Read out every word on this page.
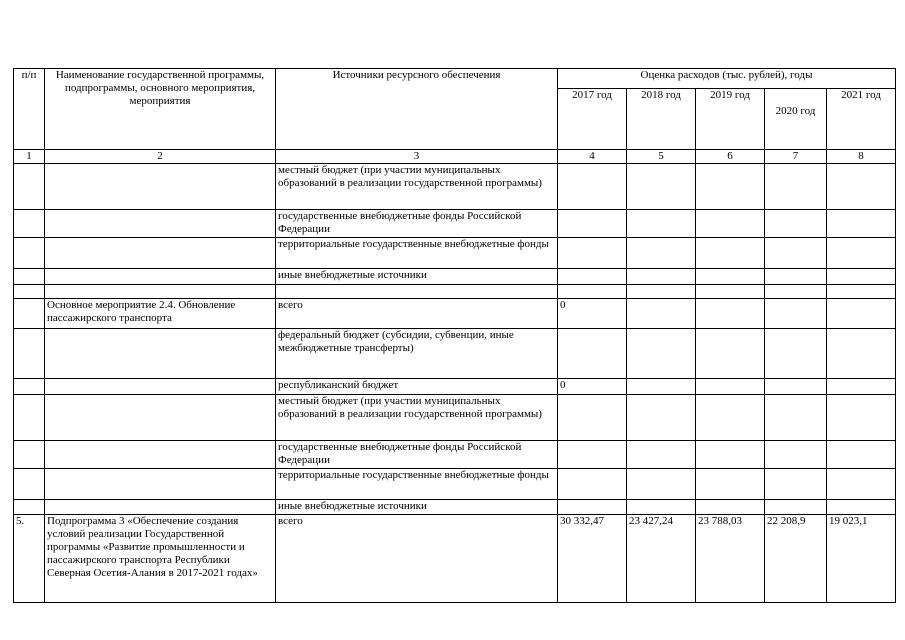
п/п	Наименование государственной программы, подпрограммы, основного мероприятия, мероприятия	Источники ресурсного обеспечения	Оценка расходов (тыс. рублей), годы				
			2017 год	2018 год	2019 год	2020 год	2021 год
1	2	3	4	5	6	7	8
		местный бюджет (при участии муниципальных образований в реализации государственной программы)					
		государственные внебюджетные фонды Российской Федерации					
		территориальные государственные внебюджетные фонды					
		иные внебюджетные источники					

	Основное мероприятие 2.4. Обновление пассажирского транспорта	всего	0				
		федеральный бюджет (субсидии, субвенции, иные межбюджетные трансферты)					
		республиканский бюджет	0				
		местный бюджет (при участии муниципальных образований в реализации государственной программы)					
		государственные внебюджетные фонды Российской Федерации					
		территориальные государственные внебюджетные фонды					
		иные внебюджетные источники					
5.	Подпрограмма 3 «Обеспечение создания условий реализации Государственной программы «Развитие промышленности и пассажирского транспорта Республики Северная Осетия-Алания в 2017-2021 годах»	всего	30 332,47	23 427,24	23 788,03	22 208,9	19 023,1
